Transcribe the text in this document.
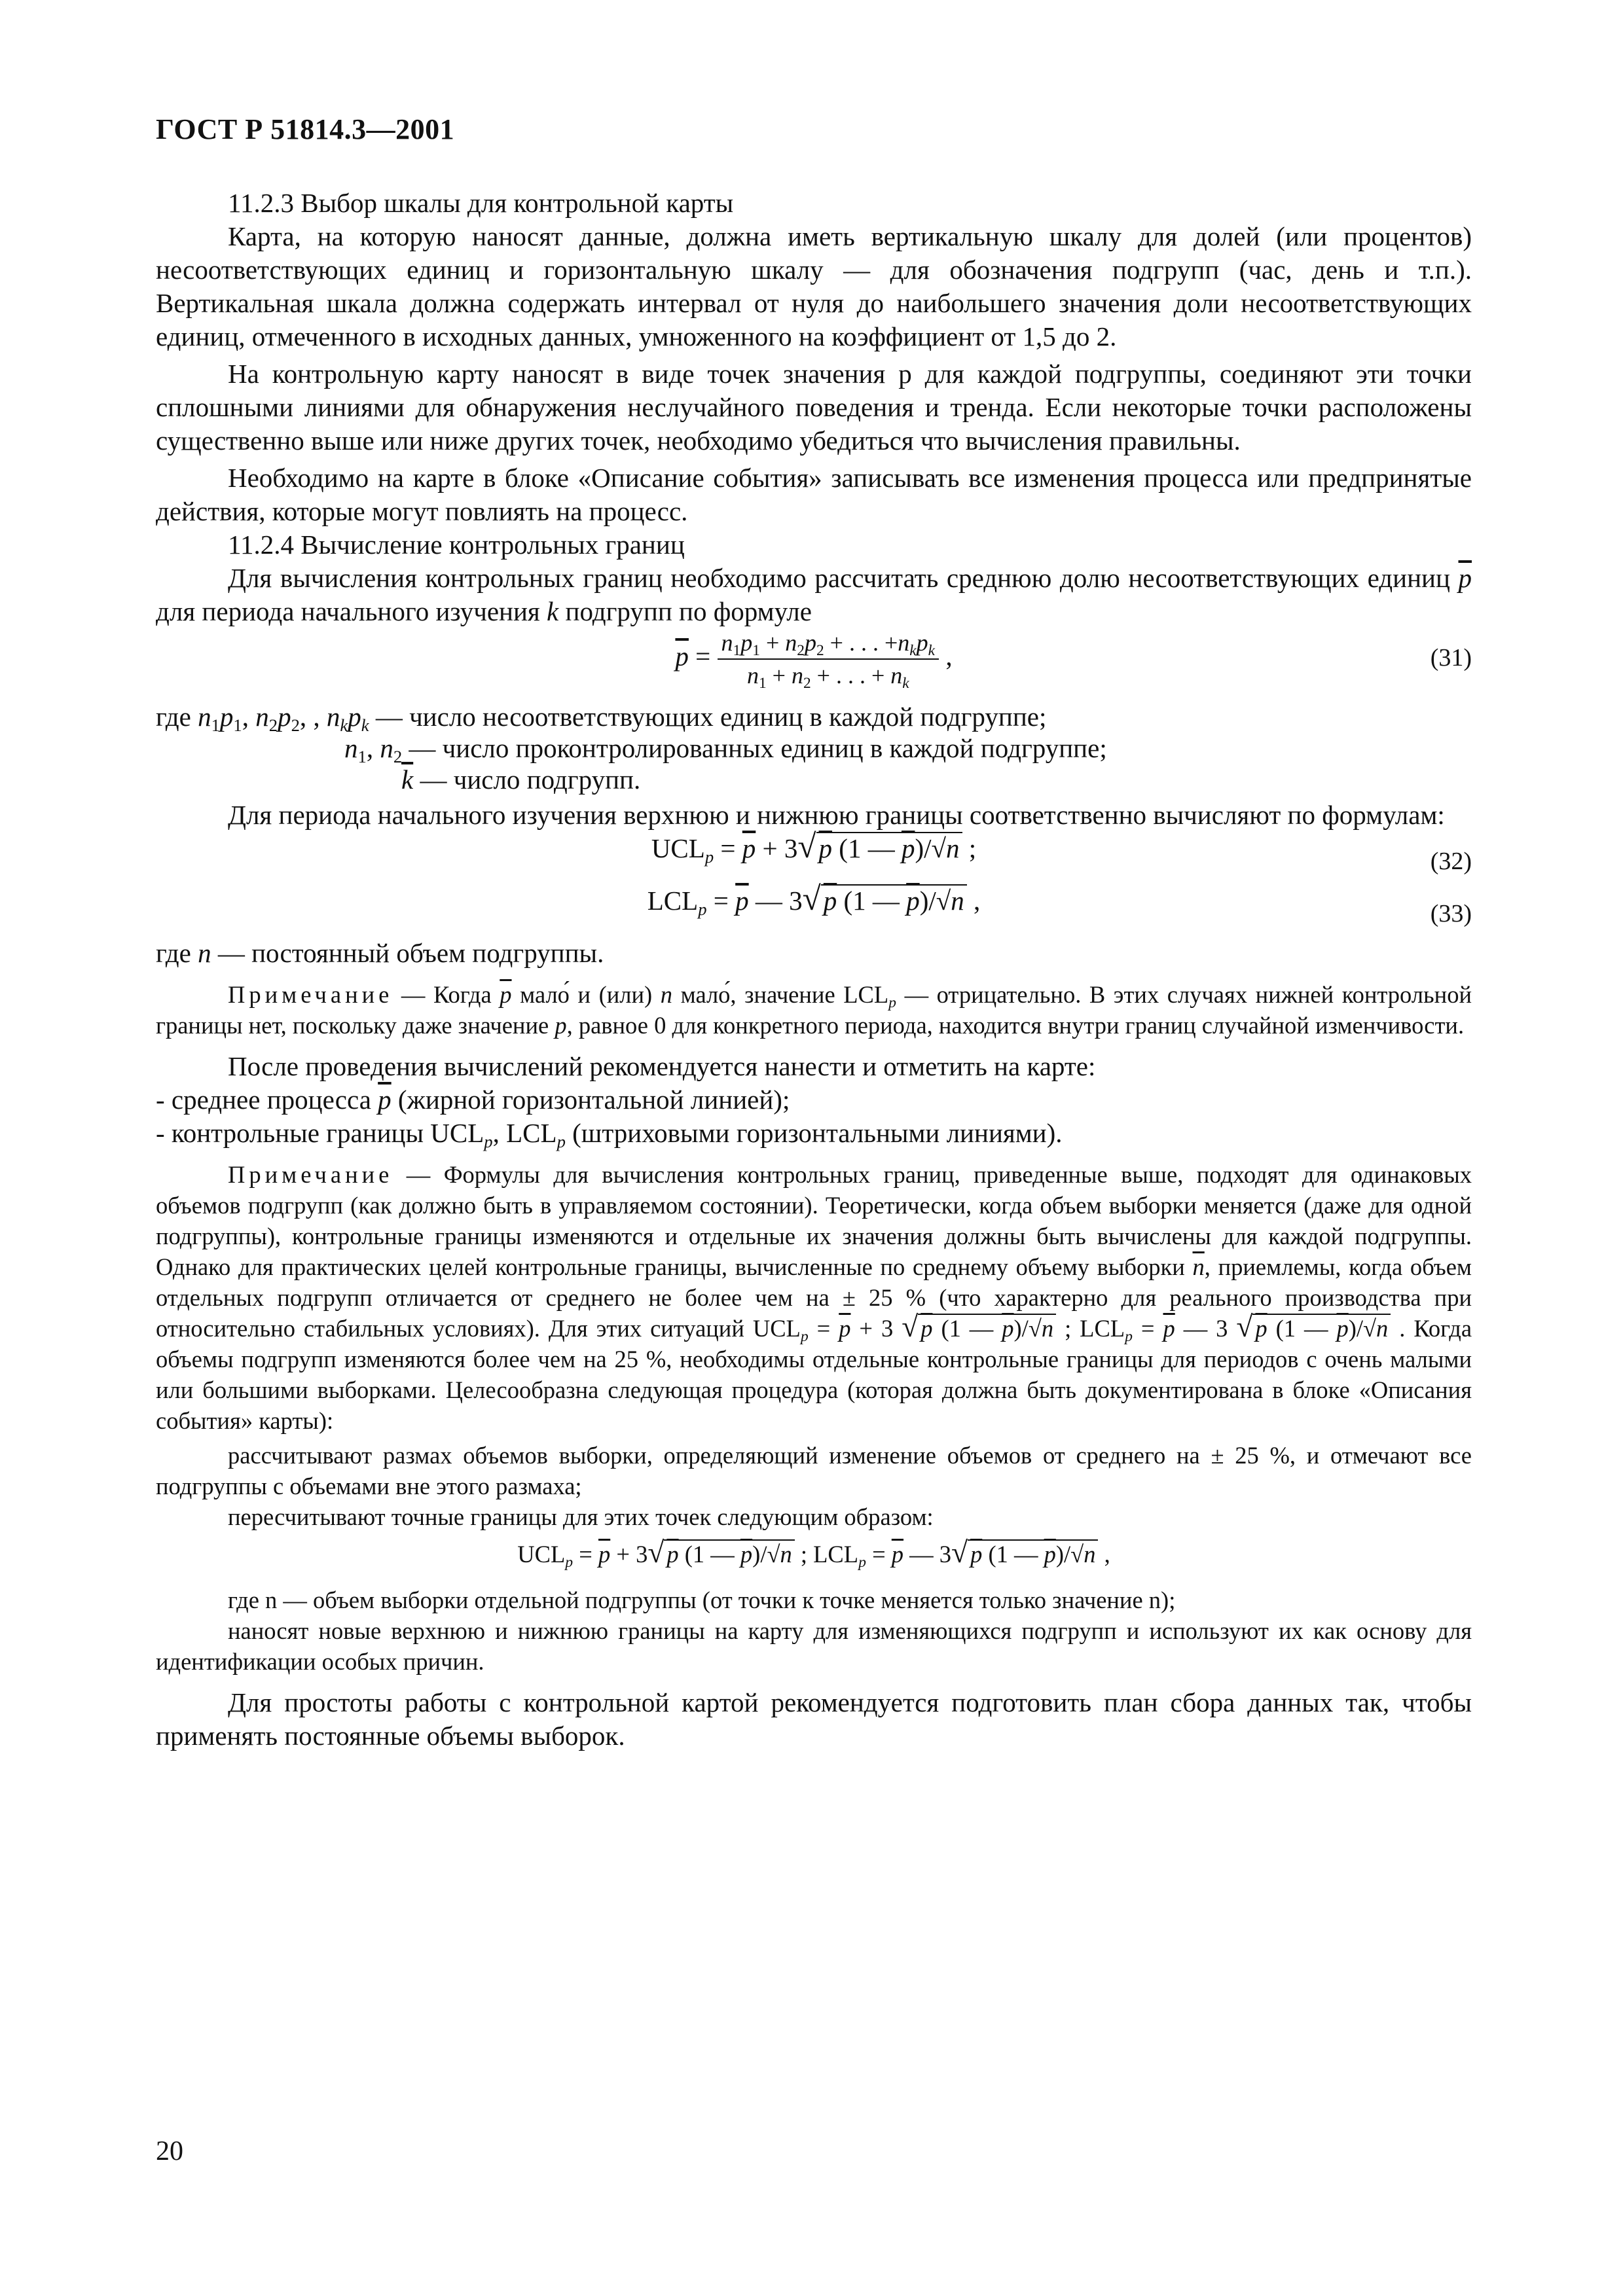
ГОСТ Р 51814.3—2001

11.2.3 Выбор шкалы для контрольной карты

Карта, на которую наносят данные, должна иметь вертикальную шкалу для долей (или процентов) несоответствующих единиц и горизонтальную шкалу — для обозначения подгрупп (час, день и т.п.). Вертикальная шкала должна содержать интервал от нуля до наибольшего значения доли несоответствующих единиц, отмеченного в исходных данных, умноженного на коэффициент от 1,5 до 2.

На контрольную карту наносят в виде точек значения p для каждой подгруппы, соединяют эти точки сплошными линиями для обнаружения неслучайного поведения и тренда. Если некоторые точки расположены существенно выше или ниже других точек, необходимо убедиться что вычисления правильны.

Необходимо на карте в блоке «Описание события» записывать все изменения процесса или предпринятые действия, которые могут повлиять на процесс.

11.2.4 Вычисление контрольных границ

Для вычисления контрольных границ необходимо рассчитать среднюю долю несоответствующих единиц $\overline{p}$ для периода начального изучения k подгрупп по формуле

$\overline{p} = \frac{n_1p_1 + n_2p_2 + . . . +n_kp_k}{n_1 + n_2 + . . . + n_k}$ ,	(31)
где $n_1p_1$, $n_2p_2$, , $n_kp_k$ — число несоответствующих единиц в каждой подгруппе;
$n_1$, $n_2$ — число проконтролированных единиц в каждой подгруппе;
$\overline{k}$ — число подгрупп.

Для периода начального изучения верхнюю и нижнюю границы соответственно вычисляют по формулам:

$UCL_p = \overline{p} + 3√p$ (1 — $\overline{p})/√n$ ;	(32)
$LCL_p = \overline{p}$ — 3√p (1 — $\overline{p})/√n$ ,	(33)

где n — постоянный объем подгруппы.

Примечание — Когда $\overline{p}$ мало́ и (или) n мало́, значение $LCL_p$ — отрицательно. В этих случаях нижней контрольной границы нет, поскольку даже значение p, равное 0 для конкретного периода, находится внутри границ случайной изменчивости.

После проведения вычислений рекомендуется нанести и отметить на карте:

- среднее процесса $\overline{p}$ (жирной горизонтальной линией);

- контрольные границы $UCL_p$, $LCL_p$ (штриховыми горизонтальными линиями).

Примечание — Формулы для вычисления контрольных границ, приведенные выше, подходят для одинаковых объемов подгрупп (как должно быть в управляемом состоянии). Теоретически, когда объем выборки меняется (даже для одной подгруппы), контрольные границы изменяются и отдельные их значения должны быть вычислены для каждой подгруппы. Однако для практических целей контрольные границы, вычисленные по среднему объему выборки $\overline{n}$, приемлемы, когда объем отдельных подгрупп отличается от среднего не более чем на ± 25 % (что характерно для реального производства при относительно стабильных условиях). Для этих ситуаций $UCL_p = \overline{p} + 3$ √ p (1 — $\overline{p})/√n$ ; $LCL_p = \overline{p}$ — 3 √ p (1 — $\overline{p})/√n$ . Когда объемы подгрупп изменяются более чем на 25 %, необходимы отдельные контрольные границы для периодов с очень малыми или большими выборками. Целесообразна следующая процедура (которая должна быть документирована в блоке «Описания события» карты):

рассчитывают размах объемов выборки, определяющий изменение объемов от среднего на ± 25 %, и отмечают все подгруппы с объемами вне этого размаха;

пересчитывают точные границы для этих точек следующим образом:

$UCL_p = \overline{p} + 3√$ p (1 — $\overline{p})/√n$ ; $LCL_p = \overline{p}$ — 3√ p (1 — $\overline{p})/√n$ ,

где n — объем выборки отдельной подгруппы (от точки к точке меняется только значение n);

наносят новые верхнюю и нижнюю границы на карту для изменяющихся подгрупп и используют их как основу для идентификации особых причин.

Для простоты работы с контрольной картой рекомендуется подготовить план сбора данных так, чтобы применять постоянные объемы выборок.

20
